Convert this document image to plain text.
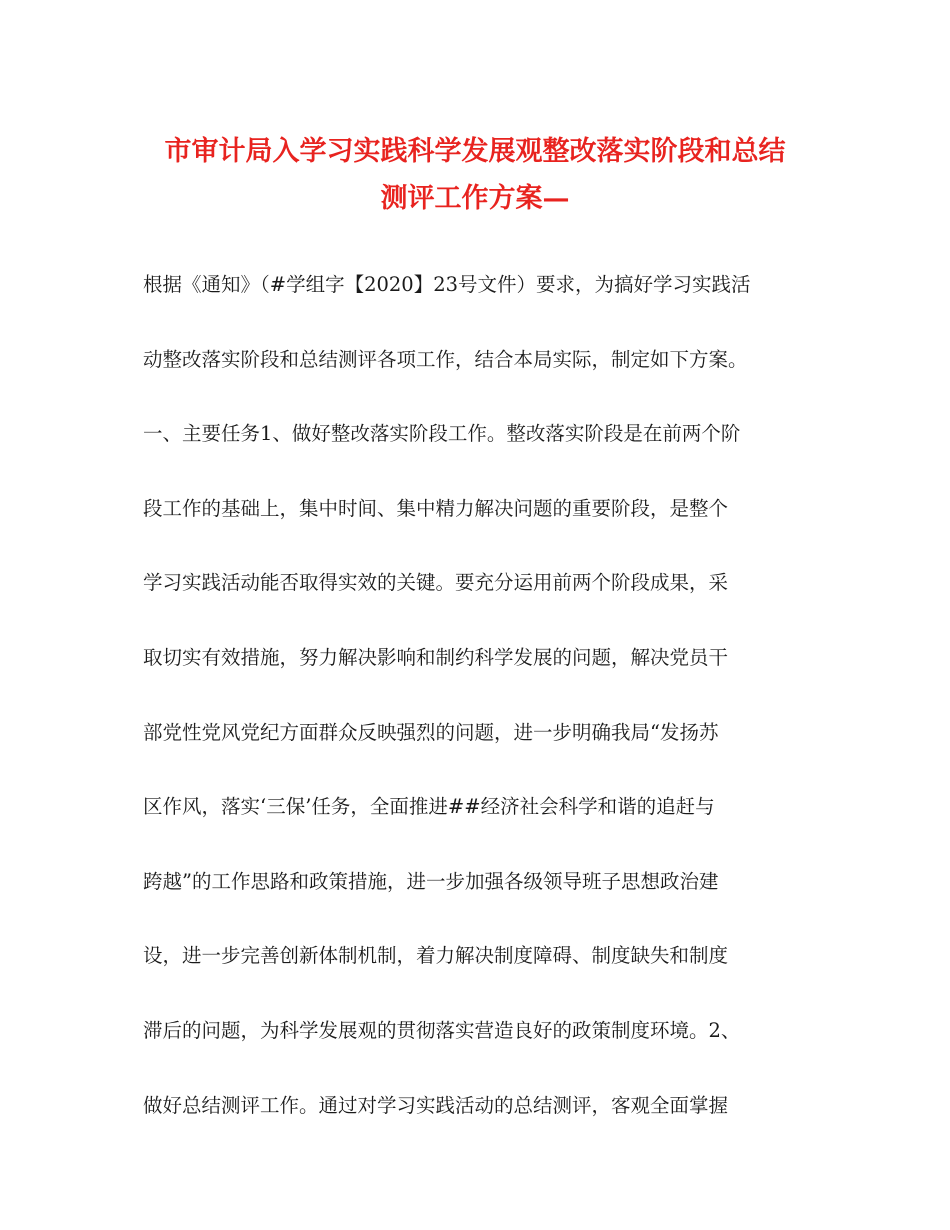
市审计局入学习实践科学发展观整改落实阶段和总结
测评工作方案—
根据《通知》（#学组字【2020】23号文件）要求，为搞好学习实践活
动整改落实阶段和总结测评各项工作，结合本局实际，制定如下方案。
一、主要任务1、做好整改落实阶段工作。整改落实阶段是在前两个阶
段工作的基础上，集中时间、集中精力解决问题的重要阶段，是整个
学习实践活动能否取得实效的关键。要充分运用前两个阶段成果，采
取切实有效措施，努力解决影响和制约科学发展的问题，解决党员干
部党性党风党纪方面群众反映强烈的问题，进一步明确我局“发扬苏
区作风，落实‘三保’任务，全面推进##经济社会科学和谐的追赶与
跨越”的工作思路和政策措施，进一步加强各级领导班子思想政治建
设，进一步完善创新体制机制，着力解决制度障碍、制度缺失和制度
滞后的问题，为科学发展观的贯彻落实营造良好的政策制度环境。2、
做好总结测评工作。通过对学习实践活动的总结测评，客观全面掌握
